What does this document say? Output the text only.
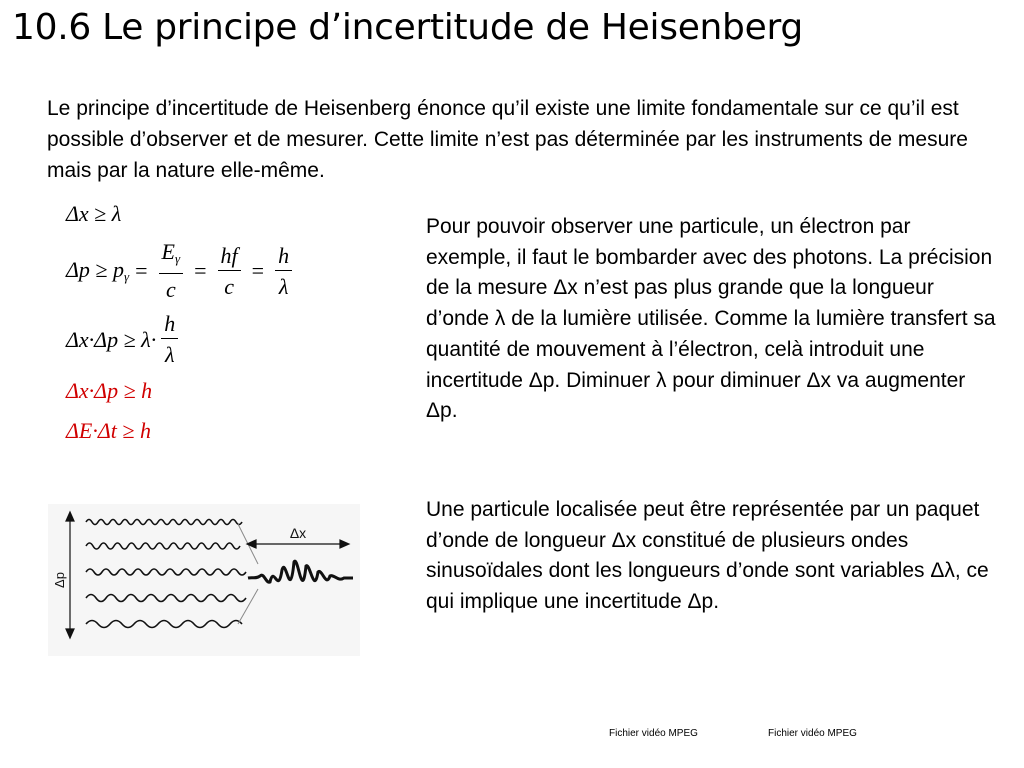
10.6 Le principe d’incertitude de Heisenberg
Le principe d’incertitude de Heisenberg énonce qu’il existe une limite fondamentale sur ce qu’il est possible d’observer et de mesurer. Cette limite n’est pas déterminée par les instruments de mesure mais par la nature elle-même.
Δx ≥ λ
$\Delta p \ge p_\gamma = \frac{E_\gamma}{c} = \frac{hf}{c} = \frac{h}{\lambda}$
$\Delta x\cdot\Delta p \ge \lambda\cdot \frac{h}{\lambda}$
Δx·Δp ≥ h
ΔE·Δt ≥ h
Pour pouvoir observer une particule, un électron par exemple, il faut le bombarder avec des photons. La précision de la mesure Δx n’est pas plus grande que la longueur d’onde λ de la lumière utilisée. Comme la lumière transfert sa quantité de mouvement à l’électron, celà introduit une incertitude Δp. Diminuer λ pour diminuer Δx va augmenter Δp.
Une particule localisée peut être représentée par un paquet d’onde de longueur Δx constitué de plusieurs ondes sinusoïdales dont les longueurs d’onde sont variables Δλ, ce qui implique une incertitude Δp.
Δp
Δx
Fichier vidéo MPEG	Fichier vidéo MPEG
